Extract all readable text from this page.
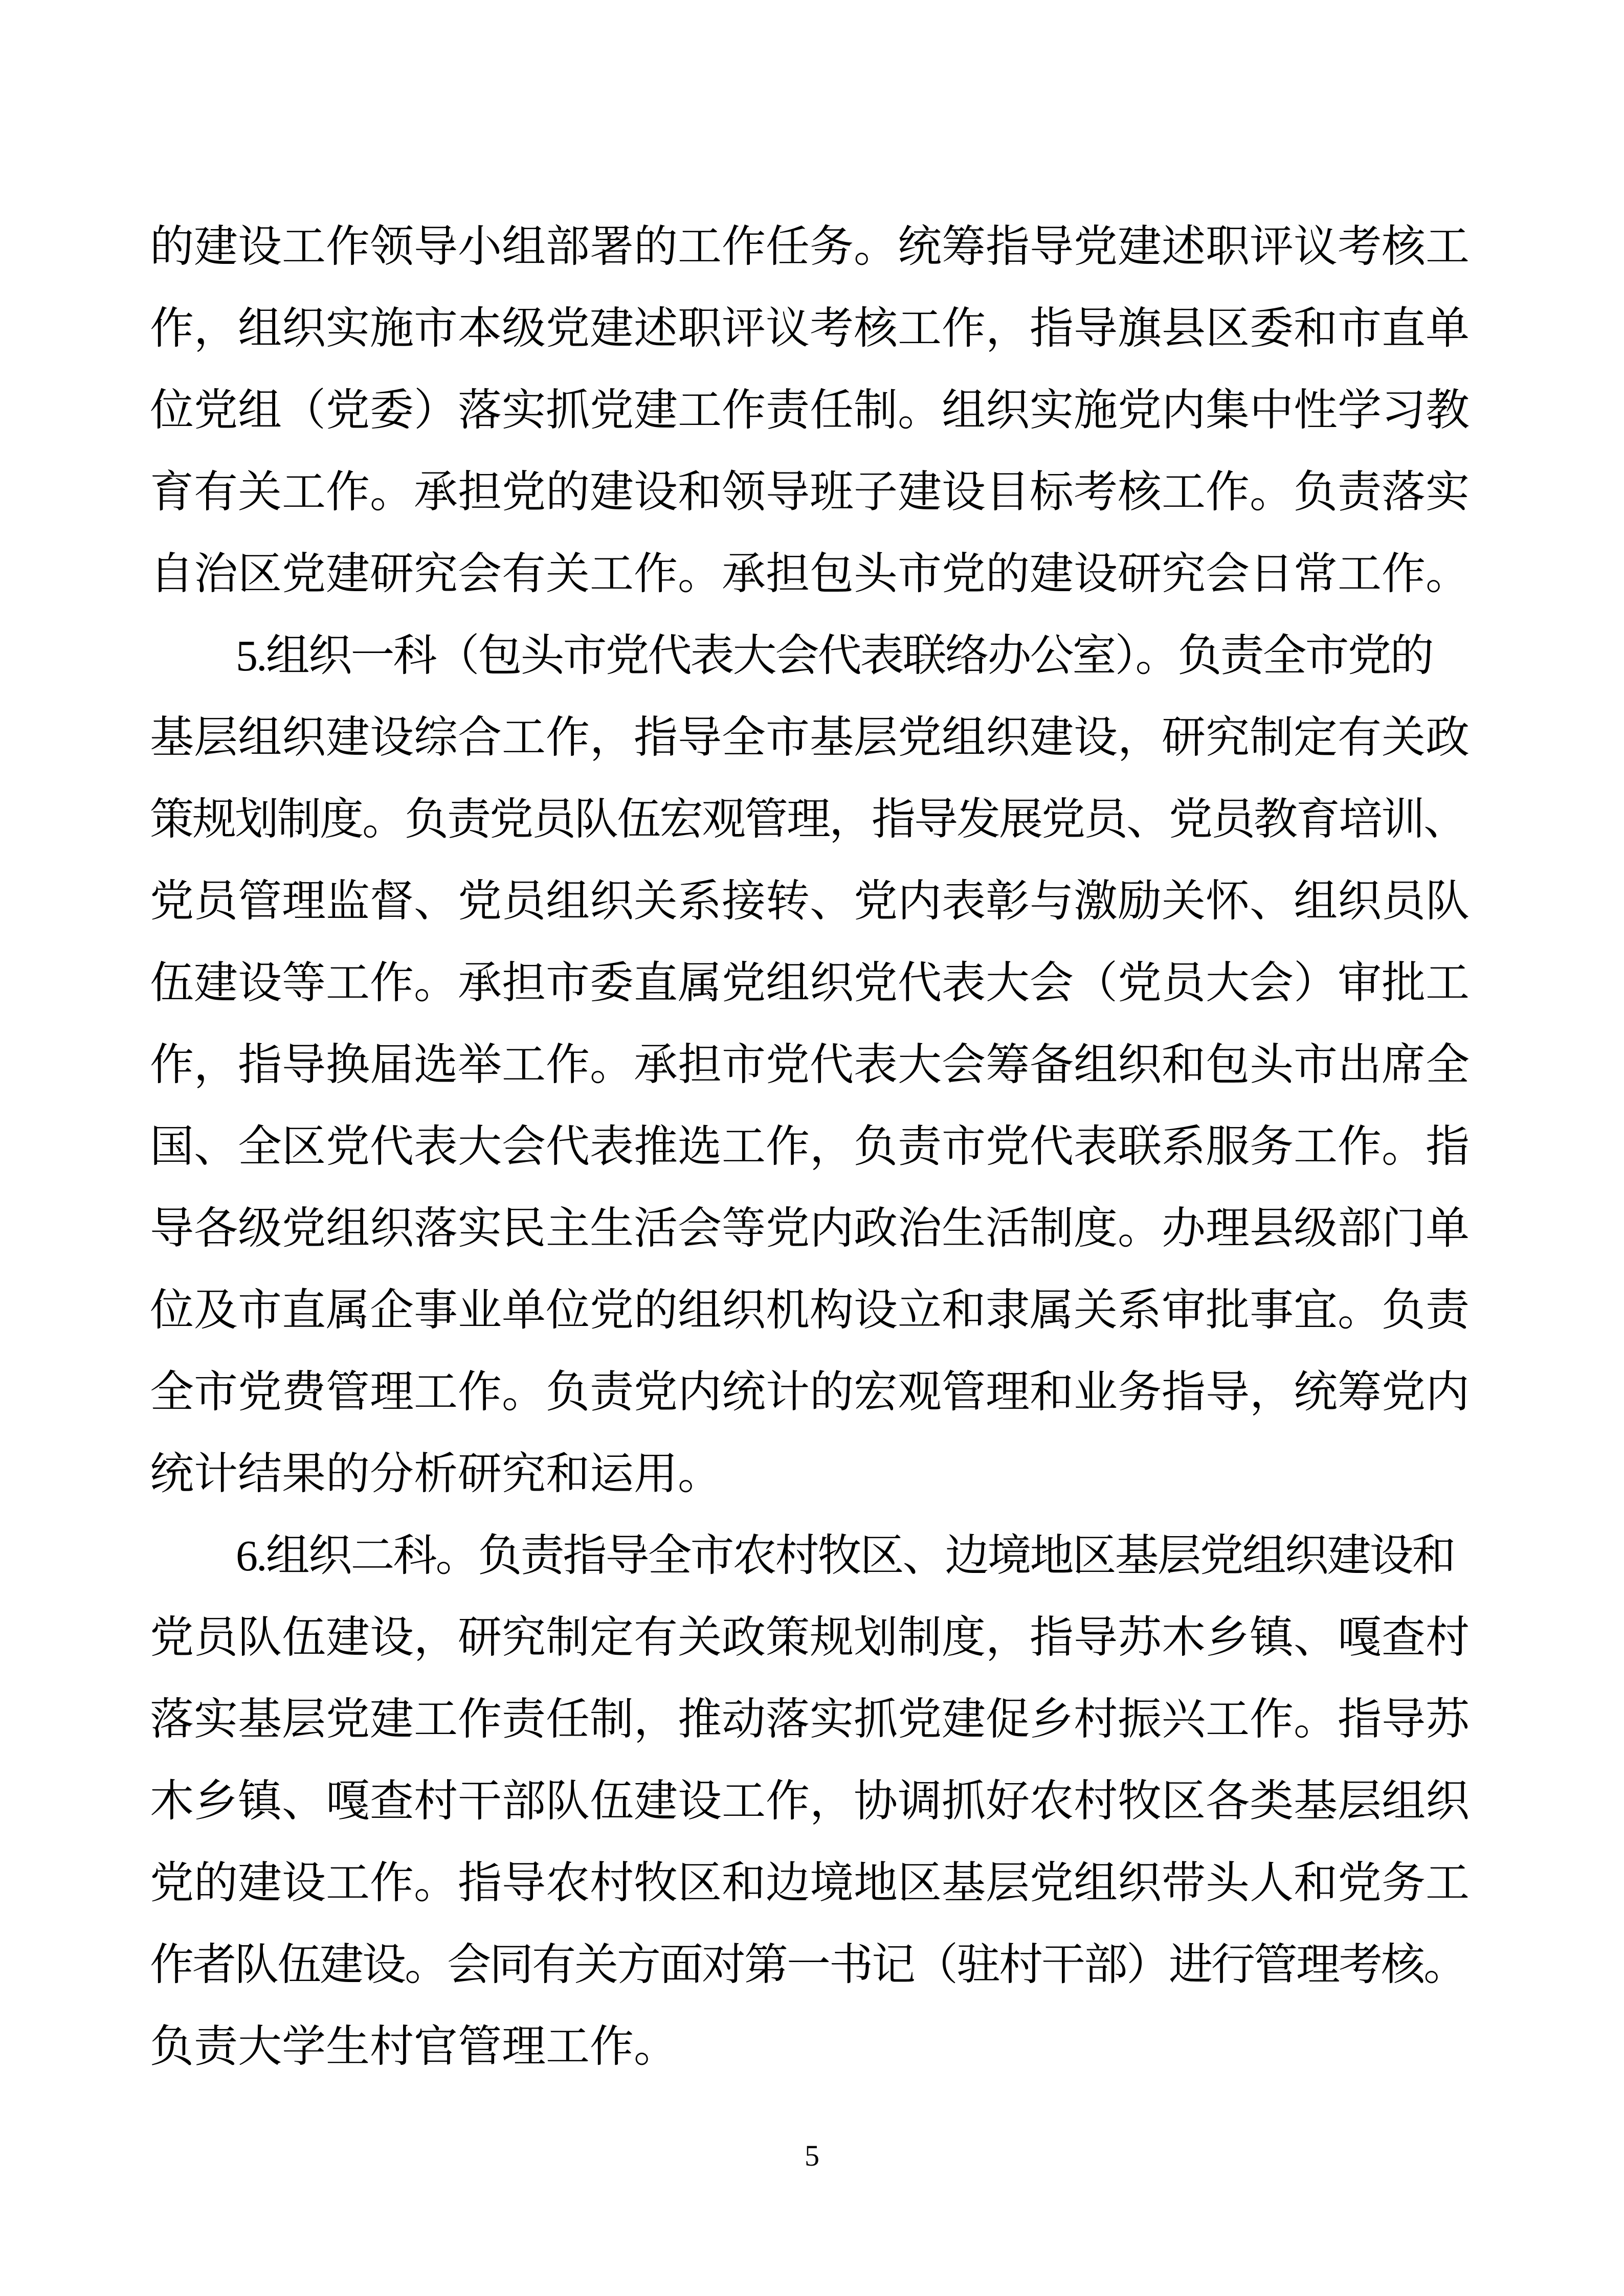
的建设工作领导小组部署的工作任务。统筹指导党建述职评议考核工
作，组织实施市本级党建述职评议考核工作，指导旗县区委和市直单
位党组（党委）落实抓党建工作责任制。组织实施党内集中性学习教
育有关工作。承担党的建设和领导班子建设目标考核工作。负责落实
自治区党建研究会有关工作。承担包头市党的建设研究会日常工作。
5.组织一科（包头市党代表大会代表联络办公室）。负责全市党的
基层组织建设综合工作，指导全市基层党组织建设，研究制定有关政
策规划制度。负责党员队伍宏观管理，指导发展党员、党员教育培训、
党员管理监督、党员组织关系接转、党内表彰与激励关怀、组织员队
伍建设等工作。承担市委直属党组织党代表大会（党员大会）审批工
作，指导换届选举工作。承担市党代表大会筹备组织和包头市出席全
国、全区党代表大会代表推选工作，负责市党代表联系服务工作。指
导各级党组织落实民主生活会等党内政治生活制度。办理县级部门单
位及市直属企事业单位党的组织机构设立和隶属关系审批事宜。负责
全市党费管理工作。负责党内统计的宏观管理和业务指导，统筹党内
统计结果的分析研究和运用。
6.组织二科。负责指导全市农村牧区、边境地区基层党组织建设和
党员队伍建设，研究制定有关政策规划制度，指导苏木乡镇、嘎查村
落实基层党建工作责任制，推动落实抓党建促乡村振兴工作。指导苏
木乡镇、嘎查村干部队伍建设工作，协调抓好农村牧区各类基层组织
党的建设工作。指导农村牧区和边境地区基层党组织带头人和党务工
作者队伍建设。会同有关方面对第一书记（驻村干部）进行管理考核。
负责大学生村官管理工作。
5
